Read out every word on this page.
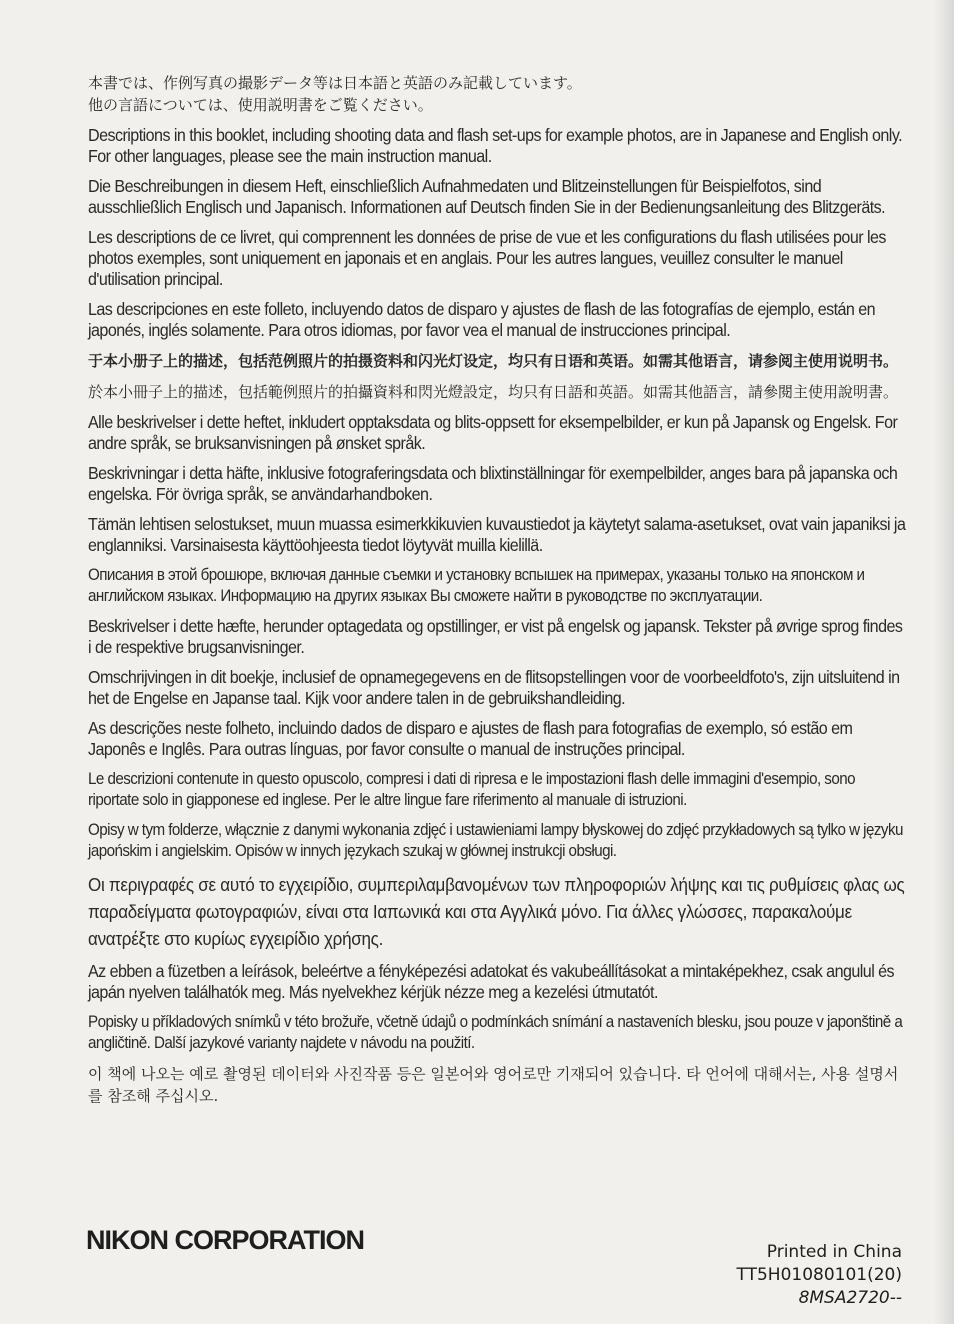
本書では、作例写真の撮影データ等は日本語と英語のみ記載しています。
他の言語については、使用説明書をご覧ください。

Descriptions in this booklet, including shooting data and flash set-ups for example photos, are in Japanese and English only. For other languages, please see the main instruction manual.

Die Beschreibungen in diesem Heft, einschließlich Aufnahmedaten und Blitzeinstellungen für Beispielfotos, sind ausschließlich Englisch und Japanisch. Informationen auf Deutsch finden Sie in der Bedienungsanleitung des Blitzgeräts.

Les descriptions de ce livret, qui comprennent les données de prise de vue et les configurations du flash utilisées pour les photos exemples, sont uniquement en japonais et en anglais. Pour les autres langues, veuillez consulter le manuel d'utilisation principal.

Las descripciones en este folleto, incluyendo datos de disparo y ajustes de flash de las fotografías de ejemplo, están en japonés, inglés solamente. Para otros idiomas, por favor vea el manual de instrucciones principal.

于本小册子上的描述，包括范例照片的拍摄资料和闪光灯设定，均只有日语和英语。如需其他语言，请参阅主使用说明书。

於本小冊子上的描述，包括範例照片的拍攝資料和閃光燈設定，均只有日語和英語。如需其他語言，請參閱主使用說明書。

Alle beskrivelser i dette heftet, inkludert opptaksdata og blits-oppsett for eksempelbilder, er kun på Japansk og Engelsk. For andre språk, se bruksanvisningen på ønsket språk.

Beskrivningar i detta häfte, inklusive fotograferingsdata och blixtinställningar för exempelbilder, anges bara på japanska och engelska. För övriga språk, se användarhandboken.

Tämän lehtisen selostukset, muun muassa esimerkkikuvien kuvaustiedot ja käytetyt salama-asetukset, ovat vain japaniksi ja englanniksi. Varsinaisesta käyttöohjeesta tiedot löytyvät muilla kielillä.

Описания в этой брошюре, включая данные съемки и установку вспышек на примерах, указаны только на японском и английском языках. Информацию на других языках Вы сможете найти в руководстве по эксплуатации.

Beskrivelser i dette hæfte, herunder optagedata og opstillinger, er vist på engelsk og japansk. Tekster på øvrige sprog findes i de respektive brugsanvisninger.

Omschrijvingen in dit boekje, inclusief de opnamegegevens en de flitsopstellingen voor de voorbeeldfoto's, zijn uitsluitend in het de Engelse en Japanse taal. Kijk voor andere talen in de gebruikshandleiding.

As descrições neste folheto, incluindo dados de disparo e ajustes de flash para fotografias de exemplo, só estão em Japonês e Inglês. Para outras línguas, por favor consulte o manual de instruções principal.

Le descrizioni contenute in questo opuscolo, compresi i dati di ripresa e le impostazioni flash delle immagini d'esempio, sono riportate solo in giapponese ed inglese. Per le altre lingue fare riferimento al manuale di istruzioni.

Opisy w tym folderze, włącznie z danymi wykonania zdjęć i ustawieniami lampy błyskowej do zdjęć przykładowych są tylko w języku japońskim i angielskim. Opisów w innych językach szukaj w głównej instrukcji obsługi.

Οι περιγραφές σε αυτό το εγχειρίδιο, συμπεριλαμβανομένων των πληροφοριών λήψης και τις ρυθμίσεις φλας ως παραδείγματα φωτογραφιών, είναι στα Ιαπωνικά και στα Αγγλικά μόνο. Για άλλες γλώσσες, παρακαλούμε ανατρέξτε στο κυρίως εγχειρίδιο χρήσης.

Az ebben a füzetben a leírások, beleértve a fényképezési adatokat és vakubeállításokat a mintaképekhez, csak angulul és japán nyelven találhatók meg. Más nyelvekhez kérjük nézze meg a kezelési útmutatót.

Popisky u příkladových snímků v této brožuře, včetně údajů o podmínkách snímání a nastaveních blesku, jsou pouze v japonštině a angličtině. Další jazykové varianty najdete v návodu na použití.

이 책에 나오는 예로 촬영된 데이터와 사진작품 등은 일본어와 영어로만 기재되어 있습니다. 타 언어에 대해서는, 사용 설명서를 참조해 주십시오.

NIKON CORPORATION	Printed in China
TT5H01080101(20)
8MSA2720--
